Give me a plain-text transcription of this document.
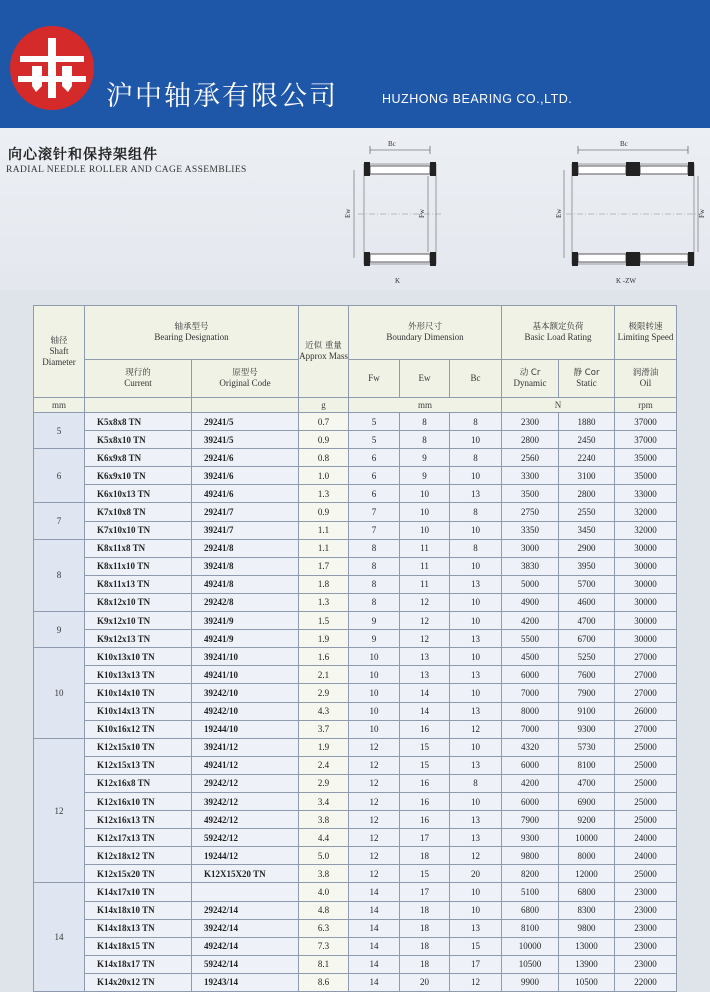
沪中轴承有限公司	HUZHONG BEARING CO.,LTD.
向心滚针和保持架组件
RADIAL NEEDLE ROLLER AND CAGE ASSEMBLIES
Bc
Ew	Fw
K
Bc
Ew	Fw
K -ZW
轴径
Shaft Diameter	轴承型号
Bearing Designation		近似 重量
Approx Mass	外形尺寸
Boundary Dimension			基本额定负荷
Basic Load Rating		极限转速
Limiting Speed

	现行的
Current	原型号
Original Code		Fw	Ew	Bc	动 Cr
Dynamic	静 Cor
Static	润滑油
Oil

mm			g	mm			N		rpm
5	K5x8x8 TN	29241/5	0.7	5	8	8	2300	1880	37000
	K5x8x10 TN	39241/5	0.9	5	8	10	2800	2450	37000
6	K6x9x8 TN	29241/6	0.8	6	9	8	2560	2240	35000
	K6x9x10 TN	39241/6	1.0	6	9	10	3300	3100	35000
	K6x10x13 TN	49241/6	1.3	6	10	13	3500	2800	33000
7	K7x10x8 TN	29241/7	0.9	7	10	8	2750	2550	32000
	K7x10x10 TN	39241/7	1.1	7	10	10	3350	3450	32000
8	K8x11x8 TN	29241/8	1.1	8	11	8	3000	2900	30000
	K8x11x10 TN	39241/8	1.7	8	11	10	3830	3950	30000
	K8x11x13 TN	49241/8	1.8	8	11	13	5000	5700	30000
	K8x12x10 TN	29242/8	1.3	8	12	10	4900	4600	30000
9	K9x12x10 TN	39241/9	1.5	9	12	10	4200	4700	30000
	K9x12x13 TN	49241/9	1.9	9	12	13	5500	6700	30000
10	K10x13x10 TN	39241/10	1.6	10	13	10	4500	5250	27000
	K10x13x13 TN	49241/10	2.1	10	13	13	6000	7600	27000
	K10x14x10 TN	39242/10	2.9	10	14	10	7000	7900	27000
	K10x14x13 TN	49242/10	4.3	10	14	13	8000	9100	26000
	K10x16x12 TN	19244/10	3.7	10	16	12	7000	9300	27000
12	K12x15x10 TN	39241/12	1.9	12	15	10	4320	5730	25000
	K12x15x13 TN	49241/12	2.4	12	15	13	6000	8100	25000
	K12x16x8 TN	29242/12	2.9	12	16	8	4200	4700	25000
	K12x16x10 TN	39242/12	3.4	12	16	10	6000	6900	25000
	K12x16x13 TN	49242/12	3.8	12	16	13	7900	9200	25000
	K12x17x13 TN	59242/12	4.4	12	17	13	9300	10000	24000
	K12x18x12 TN	19244/12	5.0	12	18	12	9800	8000	24000
	K12x15x20 TN	K12X15X20 TN	3.8	12	15	20	8200	12000	25000
14	K14x17x10 TN		4.0	14	17	10	5100	6800	23000
	K14x18x10 TN	29242/14	4.8	14	18	10	6800	8300	23000
	K14x18x13 TN	39242/14	6.3	14	18	13	8100	9800	23000
	K14x18x15 TN	49242/14	7.3	14	18	15	10000	13000	23000
	K14x18x17 TN	59242/14	8.1	14	18	17	10500	13900	23000
	K14x20x12 TN	19243/14	8.6	14	20	12	9900	10500	22000
